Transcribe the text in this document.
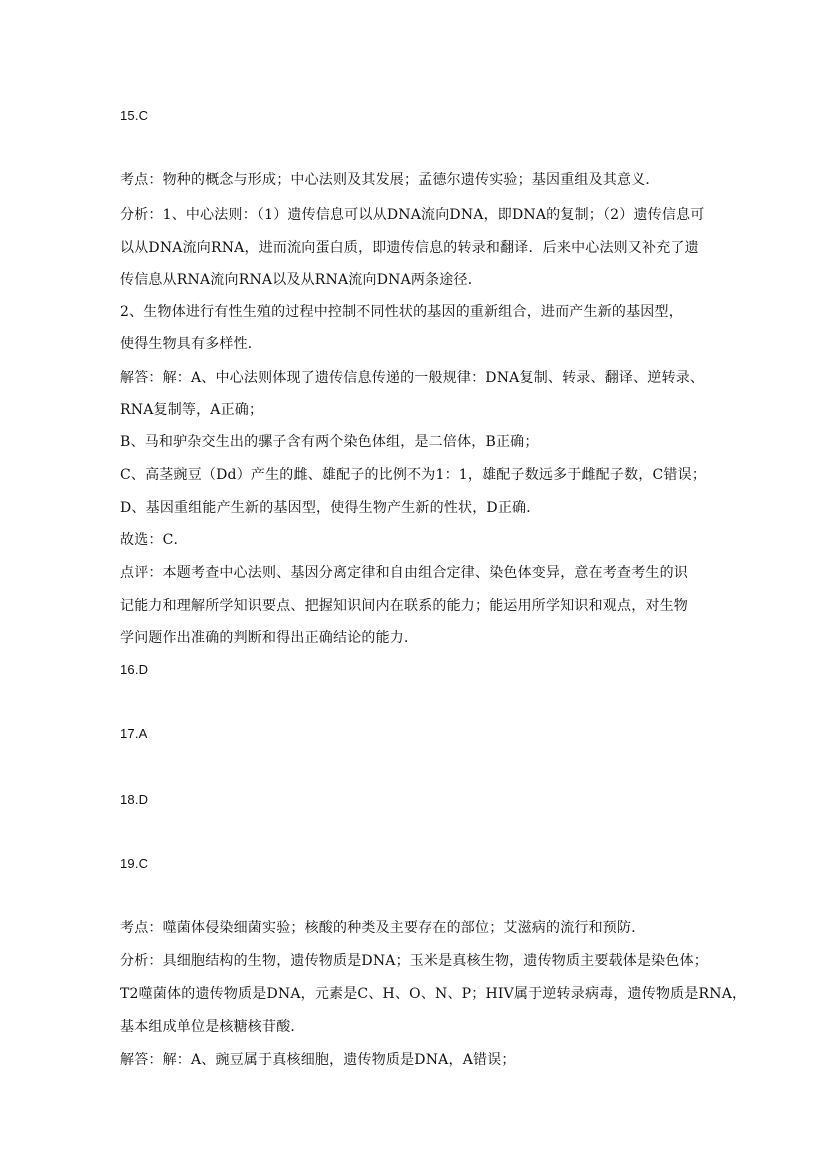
15.C
考点：物种的概念与形成；中心法则及其发展；孟德尔遗传实验；基因重组及其意义．
分析：1、中心法则：（1）遗传信息可以从DNA流向DNA，即DNA的复制；（2）遗传信息可
以从DNA流向RNA，进而流向蛋白质，即遗传信息的转录和翻译．后来中心法则又补充了遗
传信息从RNA流向RNA以及从RNA流向DNA两条途径．
2、生物体进行有性生殖的过程中控制不同性状的基因的重新组合，进而产生新的基因型，
使得生物具有多样性．
解答：解：A、中心法则体现了遗传信息传递的一般规律：DNA复制、转录、翻译、逆转录、
RNA复制等，A正确；
B、马和驴杂交生出的骡子含有两个染色体组，是二倍体，B正确；
C、高茎豌豆（Dd）产生的雌、雄配子的比例不为1：1，雄配子数远多于雌配子数，C错误；
D、基因重组能产生新的基因型，使得生物产生新的性状，D正确．
故选：C．
点评：本题考查中心法则、基因分离定律和自由组合定律、染色体变异，意在考查考生的识
记能力和理解所学知识要点、把握知识间内在联系的能力；能运用所学知识和观点，对生物
学问题作出准确的判断和得出正确结论的能力．
16.D
17.A
18.D
19.C
考点：噬菌体侵染细菌实验；核酸的种类及主要存在的部位；艾滋病的流行和预防．
分析：具细胞结构的生物，遗传物质是DNA；玉米是真核生物，遗传物质主要载体是染色体；
T2噬菌体的遗传物质是DNA，元素是C、H、O、N、P；HIV属于逆转录病毒，遗传物质是RNA，
基本组成单位是核糖核苷酸．
解答：解：A、豌豆属于真核细胞，遗传物质是DNA，A错误；
